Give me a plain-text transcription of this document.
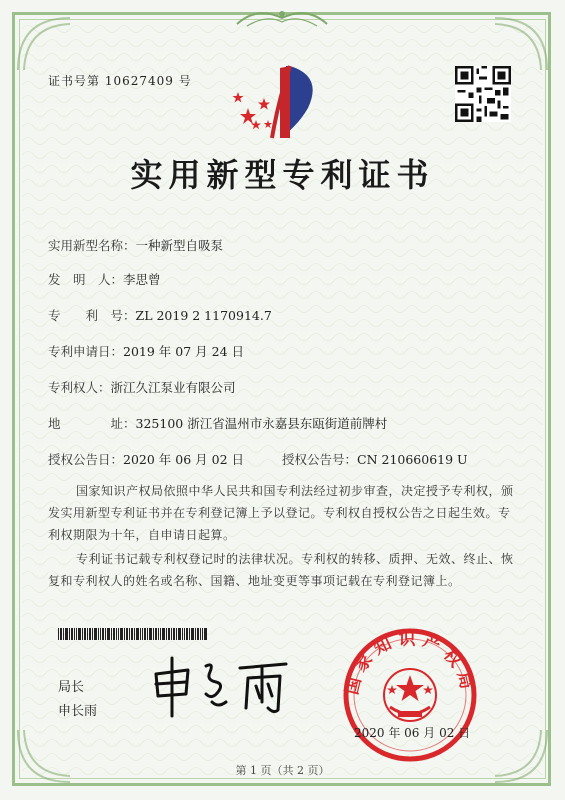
证书号第 10627409 号
实用新型专利证书
实用新型名称：一种新型自吸泵
发　明　人：李思曾
专　　利　号：ZL 2019 2 1170914.7
专利申请日：2019 年 07 月 24 日
专利权人：浙江久江泵业有限公司
地　　　　址：325100 浙江省温州市永嘉县东瓯街道前牌村
授权公告日：2020 年 06 月 02 日	授权公告号：CN 210660619 U
国家知识产权局依照中华人民共和国专利法经过初步审查，决定授予专利权，颁发实用新型专利证书并在专利登记簿上予以登记。专利权自授权公告之日起生效。专利权期限为十年，自申请日起算。
专利证书记载专利权登记时的法律状况。专利权的转移、质押、无效、终止、恢复和专利权人的姓名或名称、国籍、地址变更等事项记载在专利登记簿上。
局长
申长雨
国家知识产权局
2020 年 06 月 02 日
第 1 页（共 2 页）
